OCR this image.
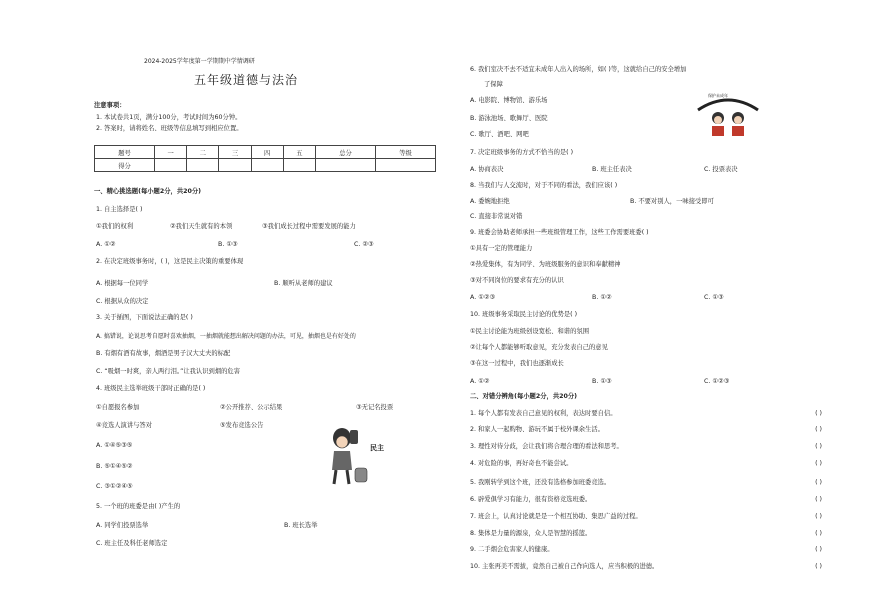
2024-2025学年度第一学期期中学情调研
五年级道德与法治
注意事项：
1. 本试卷共1页，满分100分，考试时间为60分钟。
2. 答案时，请将姓名、班级等信息填写到相应位置。
题号	一	二	三	四	五	总分	等级
得分							
一、精心挑选题(每小题2分，共20分)
1. 自主选择是( )
①我们的权利	②我们天生就有的本领	③我们成长过程中需要发展的能力
A. ①②	B. ①③	C. ②③
2. 在决定班级事务时，( )，这是民主决策的重要体现
A. 根据每一位同学	B. 顺听从老师的建议
C. 根据从众的决定
3. 关于插图，下面说法正确的是( )
A. 搞错说，论说思考自愿时喜欢抽烟，一抽烟就能想出解决问题的办法，可见，抽烟也是有好处的
B. 有烟有酒有故事，烟酒是男子汉大丈夫的标配
C. “吸烟一时爽，亲人两行泪。”让我认识到烟的危害
4. 班级民主选举班级干部时正确的是( )
①自愿报名参加	②公开推荐、公示结果	③无记名投票
④竞选人演讲与答对	⑤发布竞选公告
A. ①④⑤③⑤
B. ⑤①④⑤②
C. ③①②④⑤
民主
5. 一个班的班委是由( )产生的
A. 同学们投票选举	B. 班长选举
C. 班主任及科任老师选定
6. 我们室决不去不适宜未成年人出入的场所，如( )等，这就给自己的安全增加
了保障
A. 电影院、博物馆、游乐场
B. 游泳池场、歌舞厅、医院
C. 歌厅、酒吧、网吧
保护未成年
7. 决定班级事务的方式不恰当的是( )
A. 协商表决	B. 班主任表决	C. 投票表决
8. 当我们与人交流时，对于不同的看法，我们应该( )
A. 委婉地拒绝	B. 不要对别人，一味接受即可
C. 直接非常说对错
9. 班委会协助老师承担一些班级管理工作，这些工作需要班委( )
①具有一定的管理能力
②热爱集体，有为同学、为班级服务的意识和奉献精神
③对不同岗位的要求有充分的认识
A. ①②③	B. ①②	C. ①③
10. 班级事务采取民主讨论的优势是( )
①民主讨论能为班级创设宽松、和谐的氛围
②让每个人都能够听取意见，充分发表自己的意见
③在这一过程中，我们也逐渐成长
A. ①②	B. ①③	C. ①②③
二、对错分辨角(每小题2分，共20分)
1. 每个人都有发表自己意见的权利，表达时要自信。	( )
2. 和家人一起购物、游玩不属于校外课余生活。	( )
3. 理性对待分歧，会让我们将合理合理的看法和思考。	( )
4. 对危险的事，再好奇也不能尝试。	( )
5. 我刚转学到这个班，还没有选格参加班委竞选。	( )
6. 辟爱俱学习有能力，很有资格竞选班委。	( )
7. 班会上，认真讨论就是是一个相互协助、集思广益的过程。	( )
8. 集体是力量的源泉，众人是智慧的摇篮。	( )
9. 二手烟会危害家人的健康。	( )
10. 主张再美不需拔，竟然自己被自己作向选人，应当积极的进德。	( )
